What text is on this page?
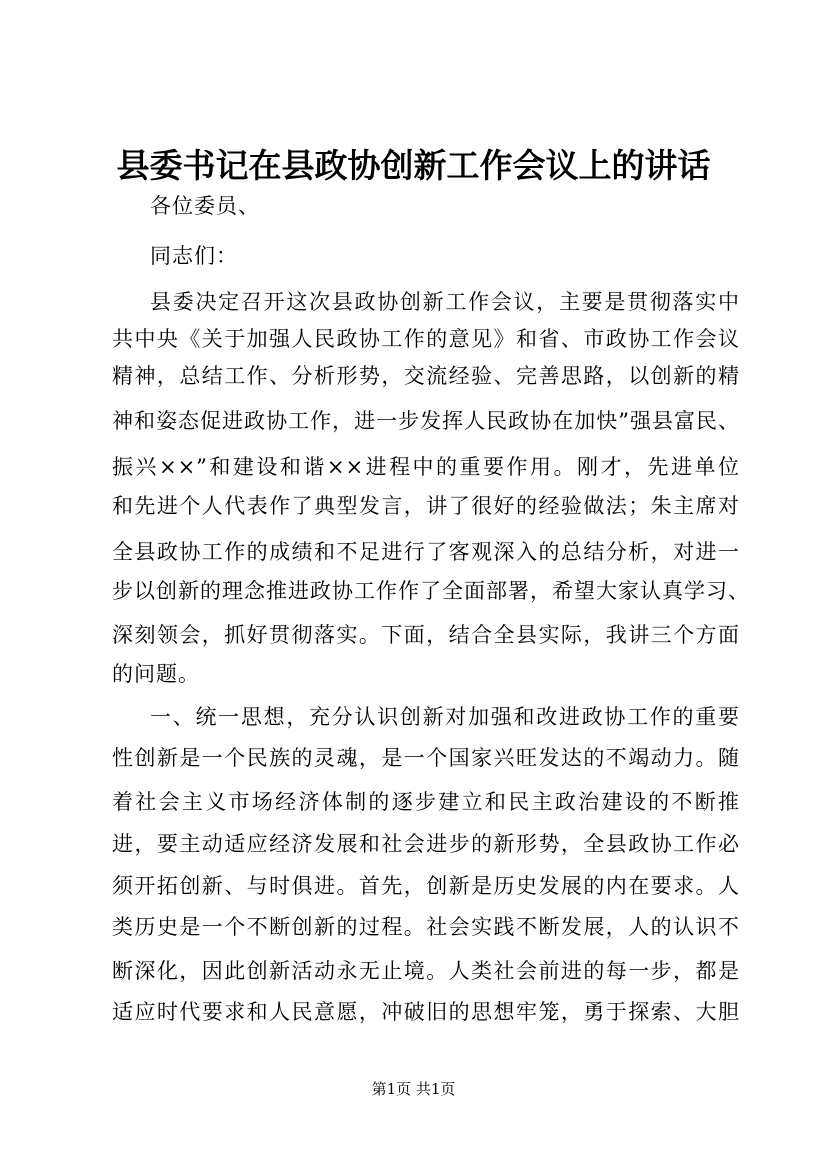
县委书记在县政协创新工作会议上的讲话

各位委员、

同志们：

县委决定召开这次县政协创新工作会议，主要是贯彻落实中

共中央《关于加强人民政协工作的意见》和省、市政协工作会议

精神，总结工作、分析形势，交流经验、完善思路，以创新的精

神和姿态促进政协工作，进一步发挥人民政协在加快”强县富民、

振兴××”和建设和谐××进程中的重要作用。刚才，先进单位

和先进个人代表作了典型发言，讲了很好的经验做法；朱主席对

全县政协工作的成绩和不足进行了客观深入的总结分析，对进一

步以创新的理念推进政协工作作了全面部署，希望大家认真学习、

深刻领会，抓好贯彻落实。下面，结合全县实际，我讲三个方面

的问题。

一、统一思想，充分认识创新对加强和改进政协工作的重要

性创新是一个民族的灵魂，是一个国家兴旺发达的不竭动力。随

着社会主义市场经济体制的逐步建立和民主政治建设的不断推

进，要主动适应经济发展和社会进步的新形势，全县政协工作必

须开拓创新、与时俱进。首先，创新是历史发展的内在要求。人

类历史是一个不断创新的过程。社会实践不断发展，人的认识不

断深化，因此创新活动永无止境。人类社会前进的每一步，都是

适应时代要求和人民意愿，冲破旧的思想牢笼，勇于探索、大胆

第1页 共1页
